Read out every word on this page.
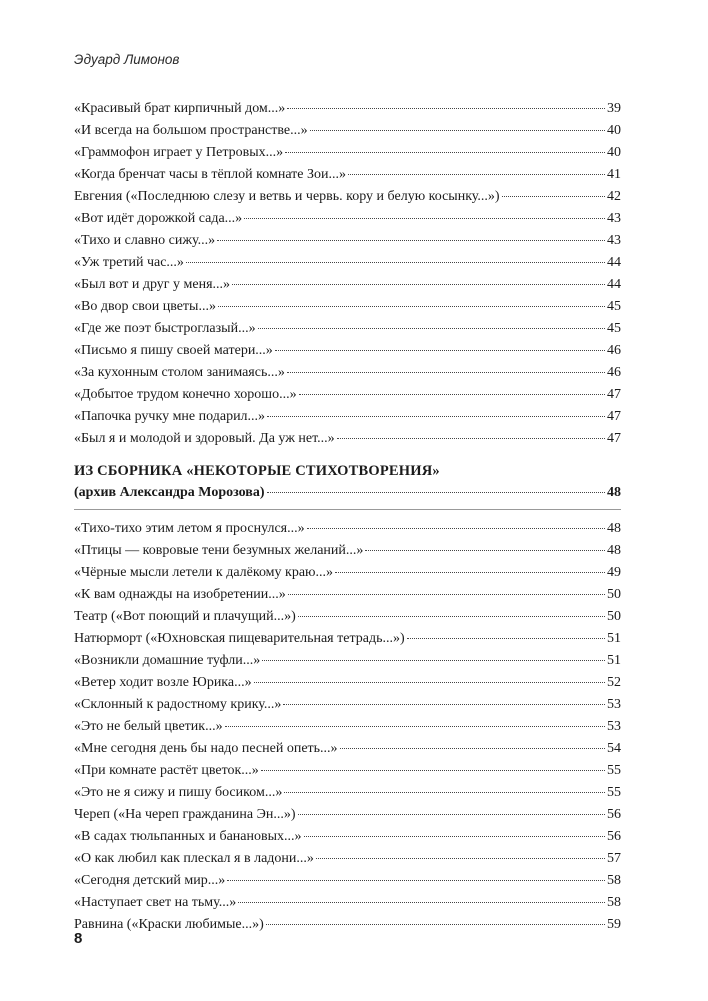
Эдуард Лимонов
«Красивый брат кирпичный дом...»	39
«И всегда на большом пространстве...»	40
«Граммофон играет у Петровых...»	40
«Когда бренчат часы в тёплой комнате Зои...»	41
Евгения («Последнюю слезу и ветвь и червь. кору и белую косынку...»)	42
«Вот идёт дорожкой сада...»	43
«Тихо и славно сижу...»	43
«Уж третий час...»	44
«Был вот и друг у меня...»	44
«Во двор свои цветы...»	45
«Где же поэт быстроглазый...»	45
«Письмо я пишу своей матери...»	46
«За кухонным столом занимаясь...»	46
«Добытое трудом конечно хорошо...»	47
«Папочка ручку мне подарил...»	47
«Был я и молодой и здоровый. Да уж нет...»	47
ИЗ СБОРНИКА «НЕКОТОРЫЕ СТИХОТВОРЕНИЯ»
(архив Александра Морозова)	48
«Тихо-тихо этим летом я проснулся...»	48
«Птицы — ковровые тени безумных желаний...»	48
«Чёрные мысли летели к далёкому краю...»	49
«К вам однажды на изобретении...»	50
Театр («Вот поющий и плачущий...»)	50
Натюрморт («Юхновская пищеварительная тетрадь...»)	51
«Возникли домашние туфли...»	51
«Ветер ходит возле Юрика...»	52
«Склонный к радостному крику...»	53
«Это не белый цветик...»	53
«Мне сегодня день бы надо песней опеть...»	54
«При комнате растёт цветок...»	55
«Это не я сижу и пишу босиком...»	55
Череп («На череп гражданина Эн...»)	56
«В садах тюльпанных и банановых...»	56
«О как любил как плескал я в ладони...»	57
«Сегодня детский мир...»	58
«Наступает свет на тьму...»	58
Равнина («Краски любимые...»)	59
8
